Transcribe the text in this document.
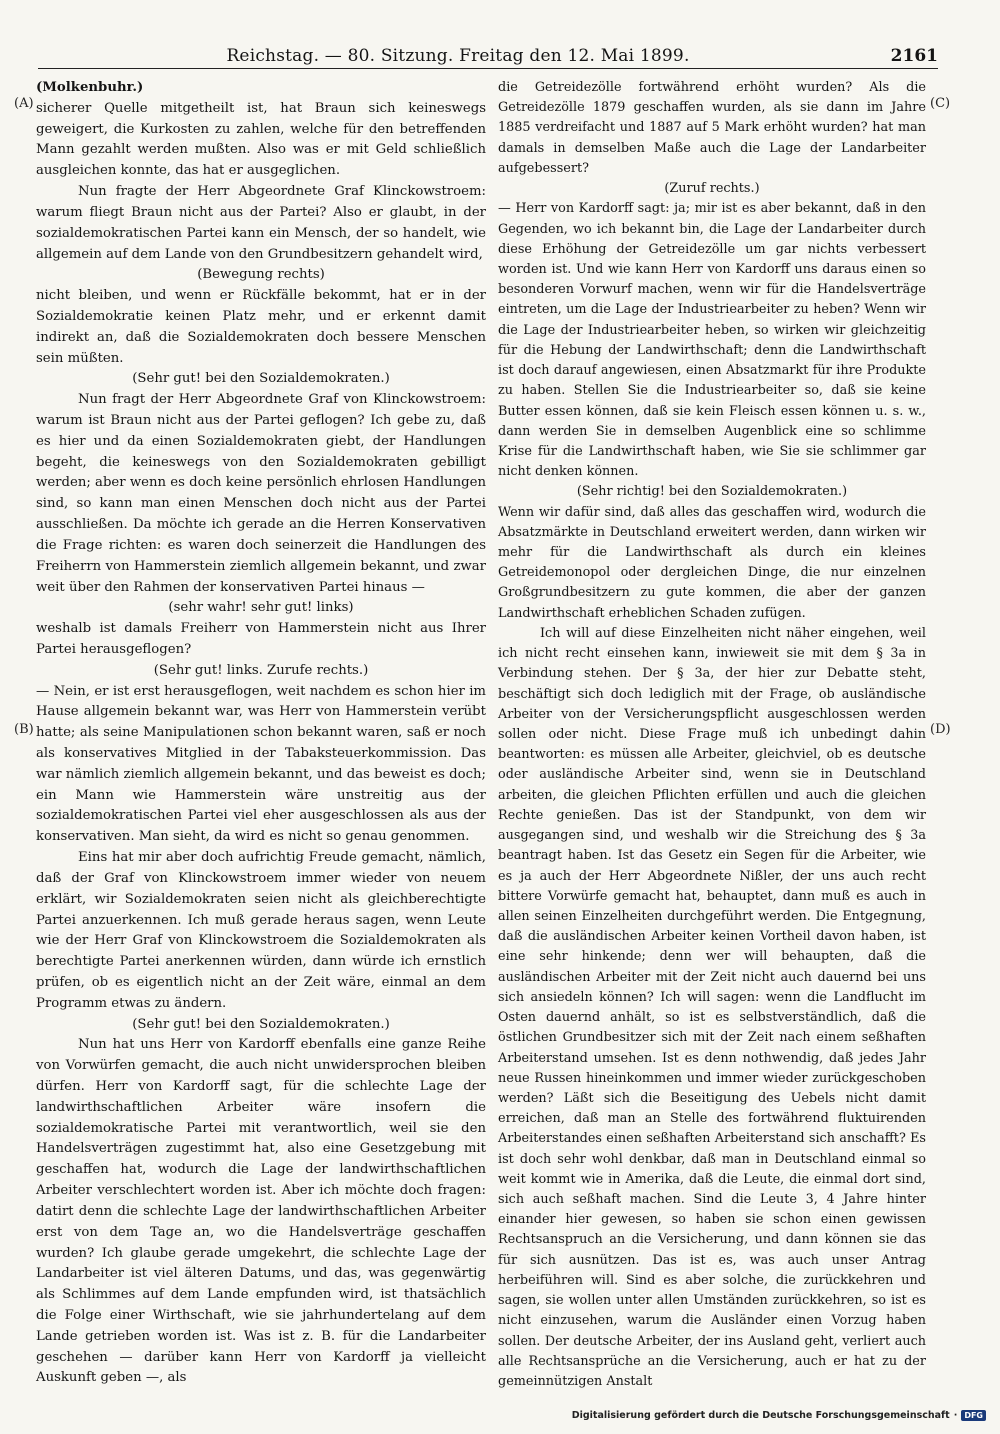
Reichstag. — 80. Sitzung. Freitag den 12. Mai 1899.	2161
(A)
(B)
(C)
(D)

(Molkenbuhr.)

sicherer Quelle mitgetheilt ist, hat Braun sich keineswegs geweigert, die Kurkosten zu zahlen, welche für den betreffenden Mann gezahlt werden mußten. Also was er mit Geld schließlich ausgleichen konnte, das hat er ausgeglichen.

Nun fragte der Herr Abgeordnete Graf Klinckowstroem: warum fliegt Braun nicht aus der Partei? Also er glaubt, in der sozialdemokratischen Partei kann ein Mensch, der so handelt, wie allgemein auf dem Lande von den Grundbesitzern gehandelt wird,

(Bewegung rechts)

nicht bleiben, und wenn er Rückfälle bekommt, hat er in der Sozialdemokratie keinen Platz mehr, und er erkennt damit indirekt an, daß die Sozialdemokraten doch bessere Menschen sein müßten.

(Sehr gut! bei den Sozialdemokraten.)

Nun fragt der Herr Abgeordnete Graf von Klinckowstroem: warum ist Braun nicht aus der Partei geflogen? Ich gebe zu, daß es hier und da einen Sozialdemokraten giebt, der Handlungen begeht, die keineswegs von den Sozialdemokraten gebilligt werden; aber wenn es doch keine persönlich ehrlosen Handlungen sind, so kann man einen Menschen doch nicht aus der Partei ausschließen. Da möchte ich gerade an die Herren Konservativen die Frage richten: es waren doch seinerzeit die Handlungen des Freiherrn von Hammerstein ziemlich allgemein bekannt, und zwar weit über den Rahmen der konservativen Partei hinaus —

(sehr wahr! sehr gut! links)

weshalb ist damals Freiherr von Hammerstein nicht aus Ihrer Partei herausgeflogen?

(Sehr gut! links. Zurufe rechts.)

— Nein, er ist erst herausgeflogen, weit nachdem es schon hier im Hause allgemein bekannt war, was Herr von Hammerstein verübt hatte; als seine Manipulationen schon bekannt waren, saß er noch als konservatives Mitglied in der Tabaksteuerkommission. Das war nämlich ziemlich allgemein bekannt, und das beweist es doch; ein Mann wie Hammerstein wäre unstreitig aus der sozialdemokratischen Partei viel eher ausgeschlossen als aus der konservativen. Man sieht, da wird es nicht so genau genommen.

Eins hat mir aber doch aufrichtig Freude gemacht, nämlich, daß der Graf von Klinckowstroem immer wieder von neuem erklärt, wir Sozialdemokraten seien nicht als gleichberechtigte Partei anzuerkennen. Ich muß gerade heraus sagen, wenn Leute wie der Herr Graf von Klinckowstroem die Sozialdemokraten als berechtigte Partei anerkennen würden, dann würde ich ernstlich prüfen, ob es eigentlich nicht an der Zeit wäre, einmal an dem Programm etwas zu ändern.

(Sehr gut! bei den Sozialdemokraten.)

Nun hat uns Herr von Kardorff ebenfalls eine ganze Reihe von Vorwürfen gemacht, die auch nicht unwidersprochen bleiben dürfen. Herr von Kardorff sagt, für die schlechte Lage der landwirthschaftlichen Arbeiter wäre insofern die sozialdemokratische Partei mit verantwortlich, weil sie den Handelsverträgen zugestimmt hat, also eine Gesetzgebung mit geschaffen hat, wodurch die Lage der landwirthschaftlichen Arbeiter verschlechtert worden ist. Aber ich möchte doch fragen: datirt denn die schlechte Lage der landwirthschaftlichen Arbeiter erst von dem Tage an, wo die Handelsverträge geschaffen wurden? Ich glaube gerade umgekehrt, die schlechte Lage der Landarbeiter ist viel älteren Datums, und das, was gegenwärtig als Schlimmes auf dem Lande empfunden wird, ist thatsächlich die Folge einer Wirthschaft, wie sie jahrhundertelang auf dem Lande getrieben worden ist. Was ist z. B. für die Landarbeiter geschehen — darüber kann Herr von Kardorff ja vielleicht Auskunft geben —, als

die Getreidezölle fortwährend erhöht wurden? Als die Getreidezölle 1879 geschaffen wurden, als sie dann im Jahre 1885 verdreifacht und 1887 auf 5 Mark erhöht wurden? hat man damals in demselben Maße auch die Lage der Landarbeiter aufgebessert?

(Zuruf rechts.)

— Herr von Kardorff sagt: ja; mir ist es aber bekannt, daß in den Gegenden, wo ich bekannt bin, die Lage der Landarbeiter durch diese Erhöhung der Getreidezölle um gar nichts verbessert worden ist. Und wie kann Herr von Kardorff uns daraus einen so besonderen Vorwurf machen, wenn wir für die Handelsverträge eintreten, um die Lage der Industriearbeiter zu heben? Wenn wir die Lage der Industriearbeiter heben, so wirken wir gleichzeitig für die Hebung der Landwirthschaft; denn die Landwirthschaft ist doch darauf angewiesen, einen Absatzmarkt für ihre Produkte zu haben. Stellen Sie die Industriearbeiter so, daß sie keine Butter essen können, daß sie kein Fleisch essen können u. s. w., dann werden Sie in demselben Augenblick eine so schlimme Krise für die Landwirthschaft haben, wie Sie sie schlimmer gar nicht denken können.

(Sehr richtig! bei den Sozialdemokraten.)

Wenn wir dafür sind, daß alles das geschaffen wird, wodurch die Absatzmärkte in Deutschland erweitert werden, dann wirken wir mehr für die Landwirthschaft als durch ein kleines Getreidemonopol oder dergleichen Dinge, die nur einzelnen Großgrundbesitzern zu gute kommen, die aber der ganzen Landwirthschaft erheblichen Schaden zufügen.

Ich will auf diese Einzelheiten nicht näher eingehen, weil ich nicht recht einsehen kann, inwieweit sie mit dem § 3a in Verbindung stehen. Der § 3a, der hier zur Debatte steht, beschäftigt sich doch lediglich mit der Frage, ob ausländische Arbeiter von der Versicherungspflicht ausgeschlossen werden sollen oder nicht. Diese Frage muß ich unbedingt dahin beantworten: es müssen alle Arbeiter, gleichviel, ob es deutsche oder ausländische Arbeiter sind, wenn sie in Deutschland arbeiten, die gleichen Pflichten erfüllen und auch die gleichen Rechte genießen. Das ist der Standpunkt, von dem wir ausgegangen sind, und weshalb wir die Streichung des § 3a beantragt haben. Ist das Gesetz ein Segen für die Arbeiter, wie es ja auch der Herr Abgeordnete Nißler, der uns auch recht bittere Vorwürfe gemacht hat, behauptet, dann muß es auch in allen seinen Einzelheiten durchgeführt werden. Die Entgegnung, daß die ausländischen Arbeiter keinen Vortheil davon haben, ist eine sehr hinkende; denn wer will behaupten, daß die ausländischen Arbeiter mit der Zeit nicht auch dauernd bei uns sich ansiedeln können? Ich will sagen: wenn die Landflucht im Osten dauernd anhält, so ist es selbstverständlich, daß die östlichen Grundbesitzer sich mit der Zeit nach einem seßhaften Arbeiterstand umsehen. Ist es denn nothwendig, daß jedes Jahr neue Russen hineinkommen und immer wieder zurückgeschoben werden? Läßt sich die Beseitigung des Uebels nicht damit erreichen, daß man an Stelle des fortwährend fluktuirenden Arbeiterstandes einen seßhaften Arbeiterstand sich anschafft? Es ist doch sehr wohl denkbar, daß man in Deutschland einmal so weit kommt wie in Amerika, daß die Leute, die einmal dort sind, sich auch seßhaft machen. Sind die Leute 3, 4 Jahre hinter einander hier gewesen, so haben sie schon einen gewissen Rechtsanspruch an die Versicherung, und dann können sie das für sich ausnützen. Das ist es, was auch unser Antrag herbeiführen will. Sind es aber solche, die zurückkehren und sagen, sie wollen unter allen Umständen zurückkehren, so ist es nicht einzusehen, warum die Ausländer einen Vorzug haben sollen. Der deutsche Arbeiter, der ins Ausland geht, verliert auch alle Rechtsansprüche an die Versicherung, auch er hat zu der gemeinnützigen Anstalt

Digitalisierung gefördert durch die Deutsche Forschungsgemeinschaft · DFG
